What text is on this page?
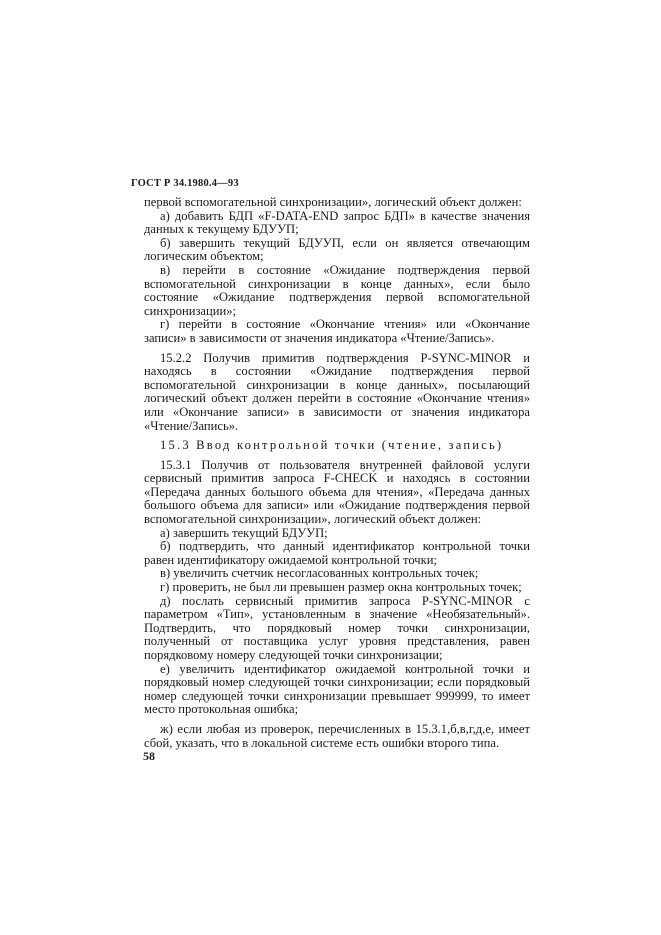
ГОСТ Р 34.1980.4—93

первой вспомогательной синхронизации», логический объект должен:

а) добавить БДП «F-DATA-END запрос БДП» в качестве значения данных к текущему БДУУП;

б) завершить текущий БДУУП, если он является отвечающим логическим объектом;

в) перейти в состояние «Ожидание подтверждения первой вспомогательной синхронизации в конце данных», если было состояние «Ожидание подтверждения первой вспомогательной синхронизации»;

г) перейти в состояние «Окончание чтения» или «Окончание записи» в зависимости от значения индикатора «Чтение/Запись».

15.2.2 Получив примитив подтверждения P-SYNC-MINOR и находясь в состоянии «Ожидание подтверждения первой вспомогательной синхронизации в конце данных», посылающий логический объект должен перейти в состояние «Окончание чтения» или «Окончание записи» в зависимости от значения индикатора «Чтение/Запись».

15.3 Ввод контрольной точки (чтение, запись)

15.3.1 Получив от пользователя внутренней файловой услуги сервисный примитив запроса F-CHECK и находясь в состоянии «Передача данных большого объема для чтения», «Передача данных большого объема для записи» или «Ожидание подтверждения первой вспомогательной синхронизации», логический объект должен:

а) завершить текущий БДУУП;

б) подтвердить, что данный идентификатор контрольной точки равен идентификатору ожидаемой контрольной точки;

в) увеличить счетчик несогласованных контрольных точек;

г) проверить, не был ли превышен размер окна контрольных точек;

д) послать сервисный примитив запроса P-SYNC-MINOR с параметром «Тип», установленным в значение «Необязательный». Подтвердить, что порядковый номер точки синхронизации, полученный от поставщика услуг уровня представления, равен порядковому номеру следующей точки синхронизации;

е) увеличить идентификатор ожидаемой контрольной точки и порядковый номер следующей точки синхронизации; если порядковый номер следующей точки синхронизации превышает 999999, то имеет место протокольная ошибка;

ж) если любая из проверок, перечисленных в 15.3.1,б,в,г,д,е, имеет сбой, указать, что в локальной системе есть ошибки второго типа.

58
